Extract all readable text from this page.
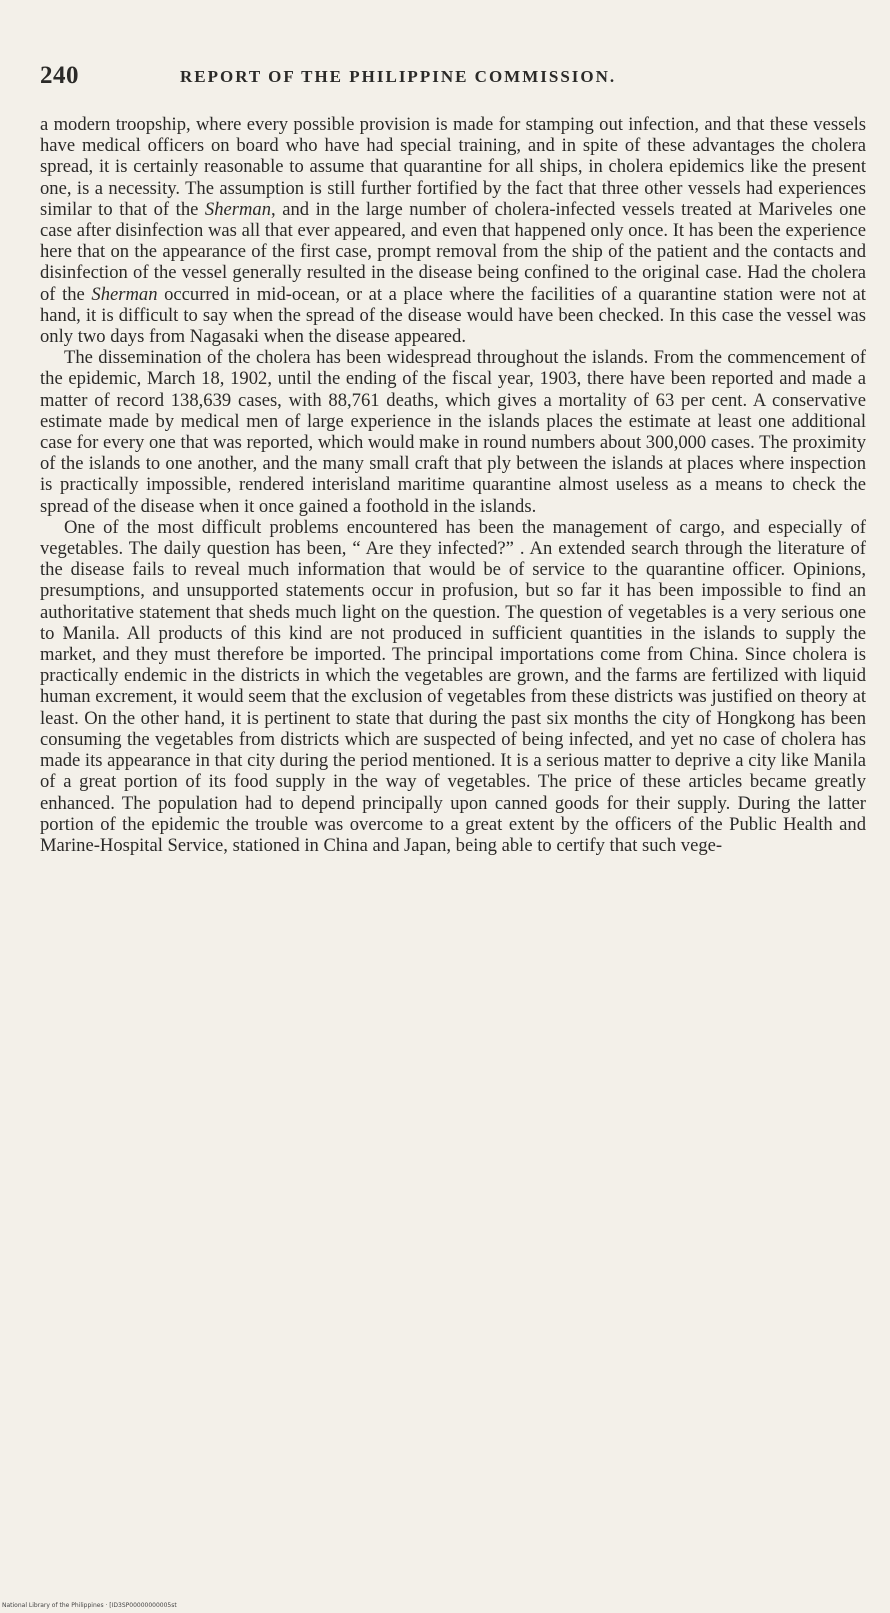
240	REPORT OF THE PHILIPPINE COMMISSION.

a modern troopship, where every possible provision is made for stamping out infection, and that these vessels have medical officers on board who have had special training, and in spite of these advantages the cholera spread, it is certainly reasonable to assume that quarantine for all ships, in cholera epidemics like the present one, is a necessity. The assumption is still further fortified by the fact that three other vessels had experiences similar to that of the Sherman, and in the large number of cholera-infected vessels treated at Mariveles one case after disinfection was all that ever appeared, and even that happened only once. It has been the experience here that on the appearance of the first case, prompt removal from the ship of the patient and the contacts and disinfection of the vessel generally resulted in the disease being confined to the original case. Had the cholera of the Sherman occurred in mid-ocean, or at a place where the facilities of a quarantine station were not at hand, it is difficult to say when the spread of the disease would have been checked. In this case the vessel was only two days from Nagasaki when the disease appeared.

The dissemination of the cholera has been widespread throughout the islands. From the commencement of the epidemic, March 18, 1902, until the ending of the fiscal year, 1903, there have been reported and made a matter of record 138,639 cases, with 88,761 deaths, which gives a mortality of 63 per cent. A conservative estimate made by medical men of large experience in the islands places the estimate at least one additional case for every one that was reported, which would make in round numbers about 300,000 cases. The proximity of the islands to one another, and the many small craft that ply between the islands at places where inspection is practically impossible, rendered interisland maritime quarantine almost useless as a means to check the spread of the disease when it once gained a foothold in the islands.

One of the most difficult problems encountered has been the management of cargo, and especially of vegetables. The daily question has been, “ Are they infected?” . An extended search through the literature of the disease fails to reveal much information that would be of service to the quarantine officer. Opinions, presumptions, and unsupported statements occur in profusion, but so far it has been impossible to find an authoritative statement that sheds much light on the question. The question of vegetables is a very serious one to Manila. All products of this kind are not produced in sufficient quantities in the islands to supply the market, and they must therefore be imported. The principal importations come from China. Since cholera is practically endemic in the districts in which the vegetables are grown, and the farms are fertilized with liquid human excrement, it would seem that the exclusion of vegetables from these districts was justified on theory at least. On the other hand, it is pertinent to state that during the past six months the city of Hongkong has been consuming the vegetables from districts which are suspected of being infected, and yet no case of cholera has made its appearance in that city during the period mentioned. It is a serious matter to deprive a city like Manila of a great portion of its food supply in the way of vegetables. The price of these articles became greatly enhanced. The population had to depend principally upon canned goods for their supply. During the latter portion of the epidemic the trouble was overcome to a great extent by the officers of the Public Health and Marine-Hospital Service, stationed in China and Japan, being able to certify that such vege-

National Library of the Philippines · [ID3SP00000000005st
